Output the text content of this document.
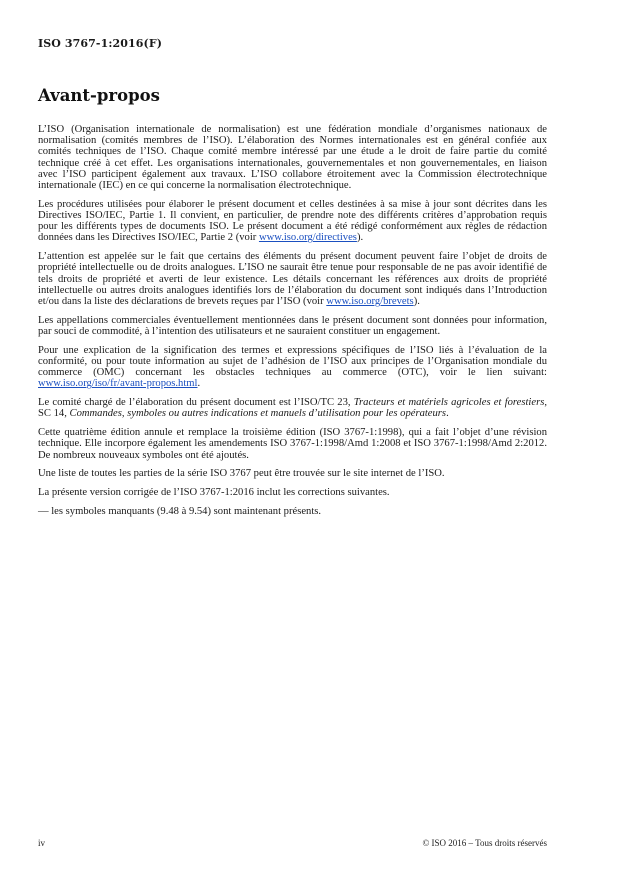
ISO 3767-1:2016(F)
Avant-propos

L’ISO (Organisation internationale de normalisation) est une fédération mondiale d’organismes nationaux de normalisation (comités membres de l’ISO). L’élaboration des Normes internationales est en général confiée aux comités techniques de l’ISO. Chaque comité membre intéressé par une étude a le droit de faire partie du comité technique créé à cet effet. Les organisations internationales, gouvernementales et non gouvernementales, en liaison avec l’ISO participent également aux travaux. L’ISO collabore étroitement avec la Commission électrotechnique internationale (IEC) en ce qui concerne la normalisation électrotechnique.

Les procédures utilisées pour élaborer le présent document et celles destinées à sa mise à jour sont décrites dans les Directives ISO/IEC, Partie 1. Il convient, en particulier, de prendre note des différents critères d’approbation requis pour les différents types de documents ISO. Le présent document a été rédigé conformément aux règles de rédaction données dans les Directives ISO/IEC, Partie 2 (voir www.iso.org/directives).

L’attention est appelée sur le fait que certains des éléments du présent document peuvent faire l’objet de droits de propriété intellectuelle ou de droits analogues. L’ISO ne saurait être tenue pour responsable de ne pas avoir identifié de tels droits de propriété et averti de leur existence. Les détails concernant les références aux droits de propriété intellectuelle ou autres droits analogues identifiés lors de l’élaboration du document sont indiqués dans l’Introduction et/ou dans la liste des déclarations de brevets reçues par l’ISO (voir www.iso.org/brevets).

Les appellations commerciales éventuellement mentionnées dans le présent document sont données pour information, par souci de commodité, à l’intention des utilisateurs et ne sauraient constituer un engagement.

Pour une explication de la signification des termes et expressions spécifiques de l’ISO liés à l’évaluation de la conformité, ou pour toute information au sujet de l’adhésion de l’ISO aux principes de l’Organisation mondiale du commerce (OMC) concernant les obstacles techniques au commerce (OTC), voir le lien suivant: www.iso.org/iso/fr/avant-propos.html.

Le comité chargé de l’élaboration du présent document est l’ISO/TC 23, Tracteurs et matériels agricoles et forestiers, SC 14, Commandes, symboles ou autres indications et manuels d’utilisation pour les opérateurs.

Cette quatrième édition annule et remplace la troisième édition (ISO 3767-1:1998), qui a fait l’objet d’une révision technique. Elle incorpore également les amendements ISO 3767-1:1998/Amd 1:2008 et ISO 3767-1:1998/Amd 2:2012. De nombreux nouveaux symboles ont été ajoutés.

Une liste de toutes les parties de la série ISO 3767 peut être trouvée sur le site internet de l’ISO.

La présente version corrigée de l’ISO 3767-1:2016 inclut les corrections suivantes.

— les symboles manquants (9.48 à 9.54) sont maintenant présents.

iv	© ISO 2016 – Tous droits réservés
